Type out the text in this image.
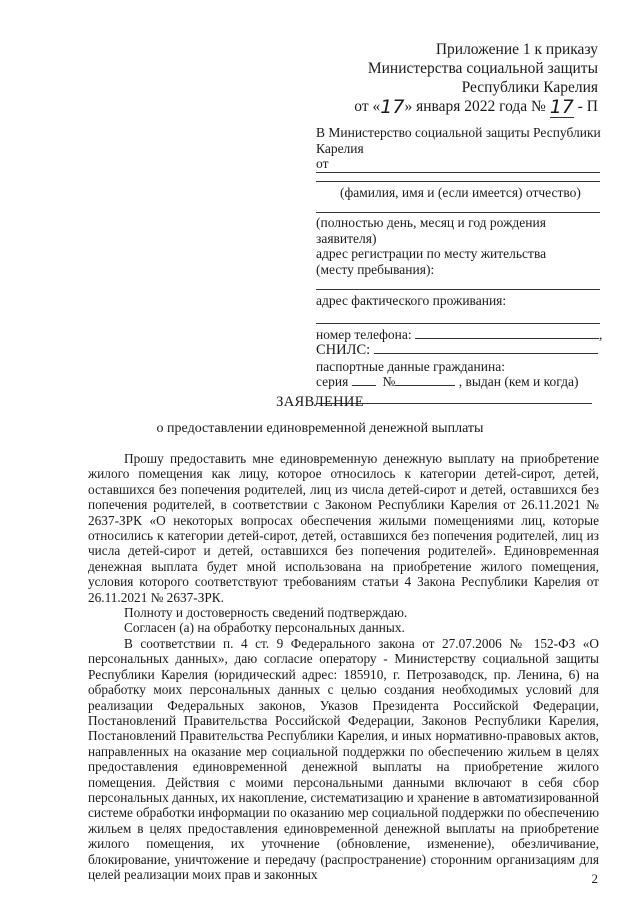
Приложение 1 к приказу
Министерства социальной защиты
Республики Карелия
от «17» января 2022 года № 17 - П
В Министерство социальной защиты Республики
Карелия
от
(фамилия, имя и (если имеется) отчество)
(полностью день, месяц и год рождения
заявителя)
адрес регистрации по месту жительства
(месту пребывания):
адрес фактического проживания:
номер телефона:	,
СНИЛС:
паспортные данные гражданина:
серия	№	, выдан (кем и когда)
ЗАЯВЛЕНИЕ
о предоставлении единовременной денежной выплаты

Прошу предоставить мне единовременную денежную выплату на приобретение жилого помещения как лицу, которое относилось к категории детей-сирот, детей, оставшихся без попечения родителей, лиц из числа детей-сирот и детей, оставшихся без попечения родителей, в соответствии с Законом Республики Карелия от 26.11.2021 № 2637-ЗРК «О некоторых вопросах обеспечения жилыми помещениями лиц, которые относились к категории детей-сирот, детей, оставшихся без попечения родителей, лиц из числа детей-сирот и детей, оставшихся без попечения родителей». Единовременная денежная выплата будет мной использована на приобретение жилого помещения, условия которого соответствуют требованиям статьи 4 Закона Республики Карелия от 26.11.2021 № 2637-ЗРК.

Полноту и достоверность сведений подтверждаю.

Согласен (а) на обработку персональных данных.

В соответствии п. 4 ст. 9 Федерального закона от 27.07.2006 № 152-ФЗ «О персональных данных», даю согласие оператору - Министерству социальной защиты Республики Карелия (юридический адрес: 185910, г. Петрозаводск, пр. Ленина, 6) на обработку моих персональных данных с целью создания необходимых условий для реализации Федеральных законов, Указов Президента Российской Федерации, Постановлений Правительства Российской Федерации, Законов Республики Карелия, Постановлений Правительства Республики Карелия, и иных нормативно-правовых актов, направленных на оказание мер социальной поддержки по обеспечению жильем в целях предоставления единовременной денежной выплаты на приобретение жилого помещения. Действия с моими персональными данными включают в себя сбор персональных данных, их накопление, систематизацию и хранение в автоматизированной системе обработки информации по оказанию мер социальной поддержки по обеспечению жильем в целях предоставления единовременной денежной выплаты на приобретение жилого помещения, их уточнение (обновление, изменение), обезличивание, блокирование, уничтожение и передачу (распространение) сторонним организациям для целей реализации моих прав и законных	2
